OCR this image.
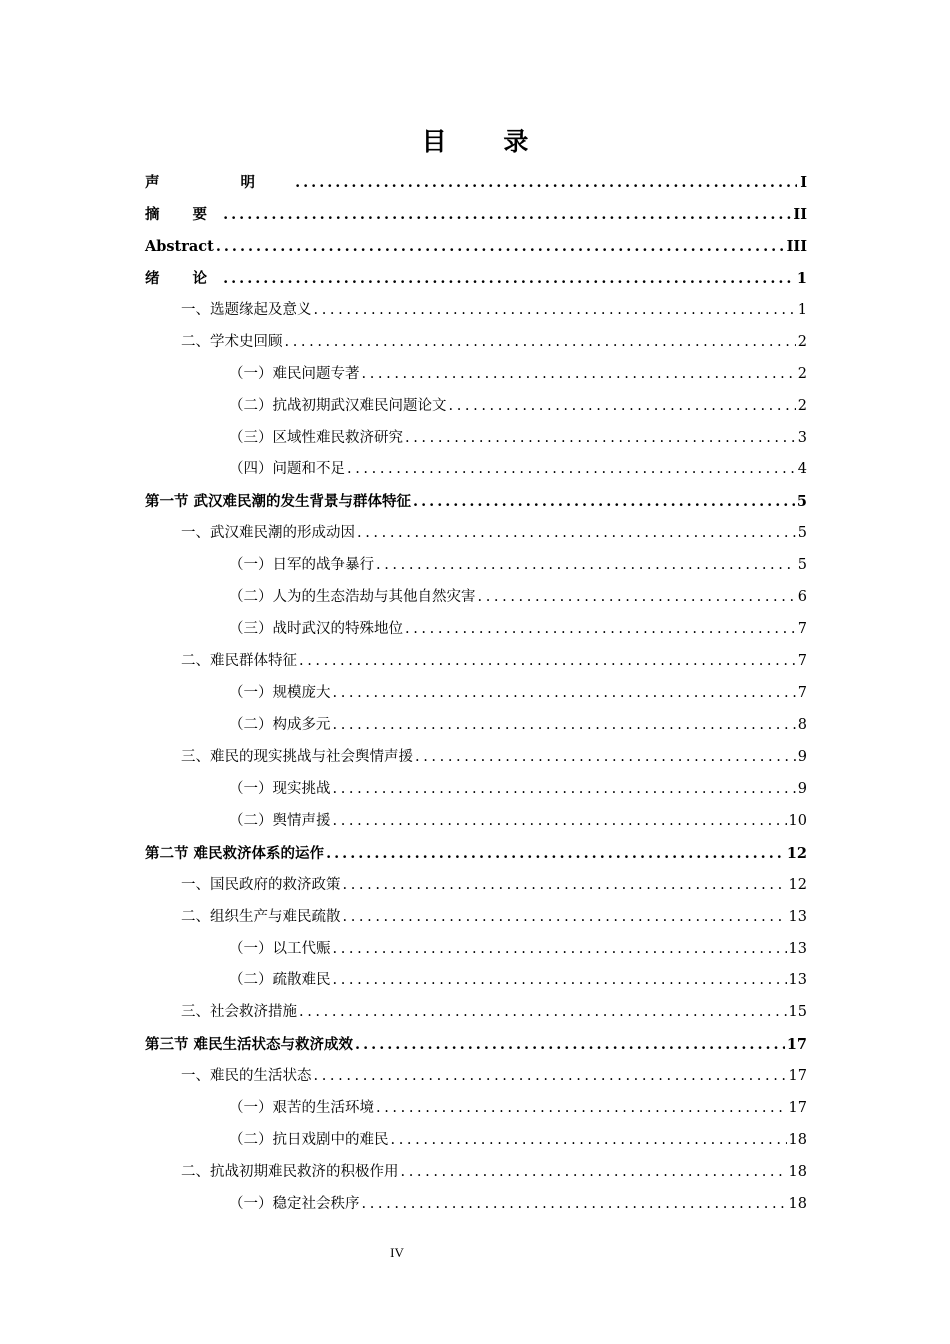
目 录
声 明 .....	I
摘 要 .....	II
Abstract .....	III
绪 论 .....	1
一、选题缘起及意义 .....	1
二、学术史回顾 .....	2
（一）难民问题专著 .....	2
（二）抗战初期武汉难民问题论文 .....	2
（三）区域性难民救济研究 .....	3
（四）问题和不足 .....	4
第一节 武汉难民潮的发生背景与群体特征 .....	5
一、武汉难民潮的形成动因 .....	5
（一）日军的战争暴行 .....	5
（二）人为的生态浩劫与其他自然灾害 .....	6
（三）战时武汉的特殊地位 .....	7
二、难民群体特征 .....	7
（一）规模庞大 .....	7
（二）构成多元 .....	8
三、难民的现实挑战与社会舆情声援 .....	9
（一）现实挑战 .....	9
（二）舆情声援 .....	10
第二节 难民救济体系的运作 .....	12
一、国民政府的救济政策 .....	12
二、组织生产与难民疏散 .....	13
（一）以工代赈 .....	13
（二）疏散难民 .....	13
三、社会救济措施 .....	15
第三节 难民生活状态与救济成效 .....	17
一、难民的生活状态 .....	17
（一）艰苦的生活环境 .....	17
（二）抗日戏剧中的难民 .....	18
二、抗战初期难民救济的积极作用 .....	18
（一）稳定社会秩序 .....	18
IV
